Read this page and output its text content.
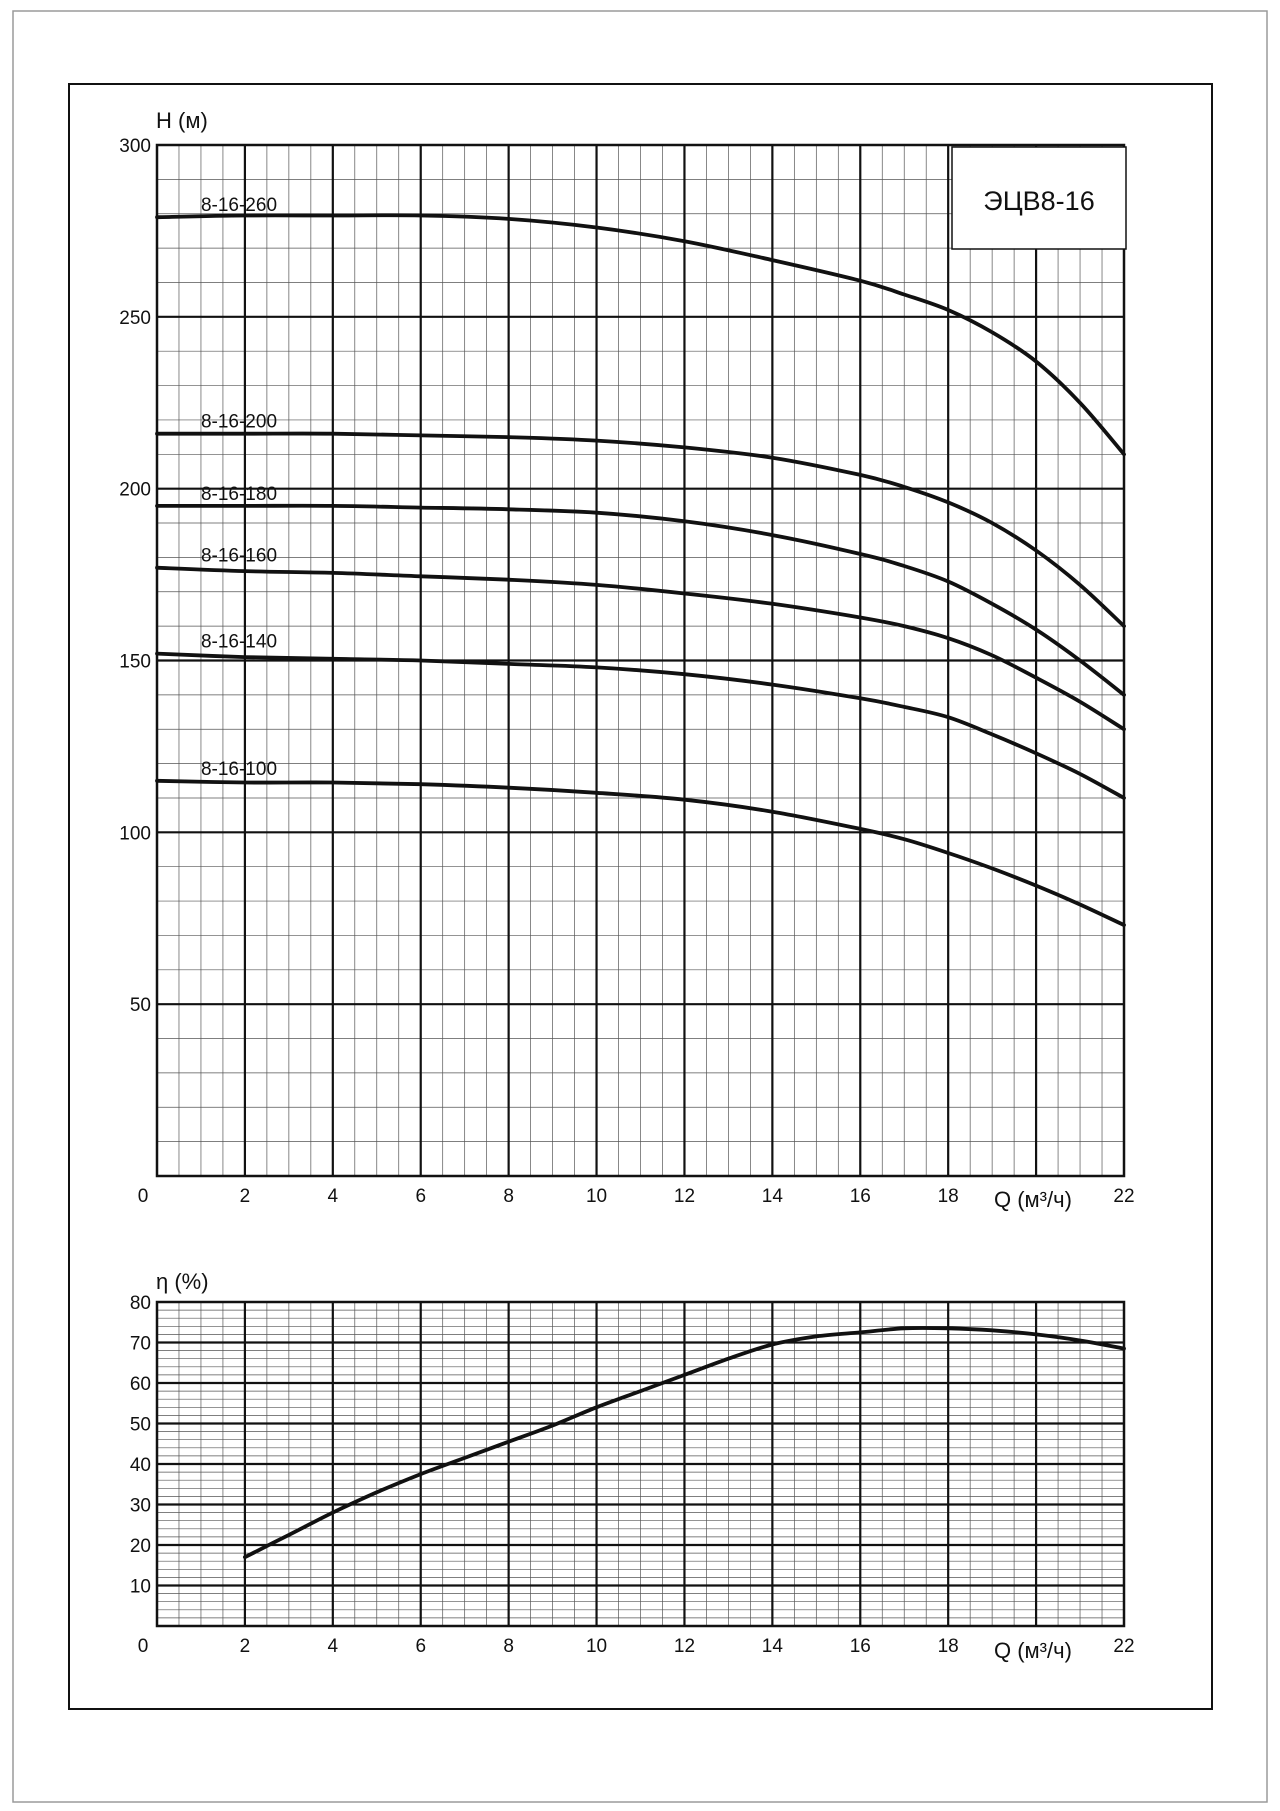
0	2	4	6	8	10	12	14	16	18	22
50
100
150
200
250
300
8-16-260
8-16-200
8-16-180
8-16-160
8-16-140
8-16-100
H (м)
Q (м³/ч)
ЭЦВ8-16
0	2	4	6	8	10	12	14	16	18	22
10
20
30
40
50
60
70
80
η (%)
Q (м³/ч)
